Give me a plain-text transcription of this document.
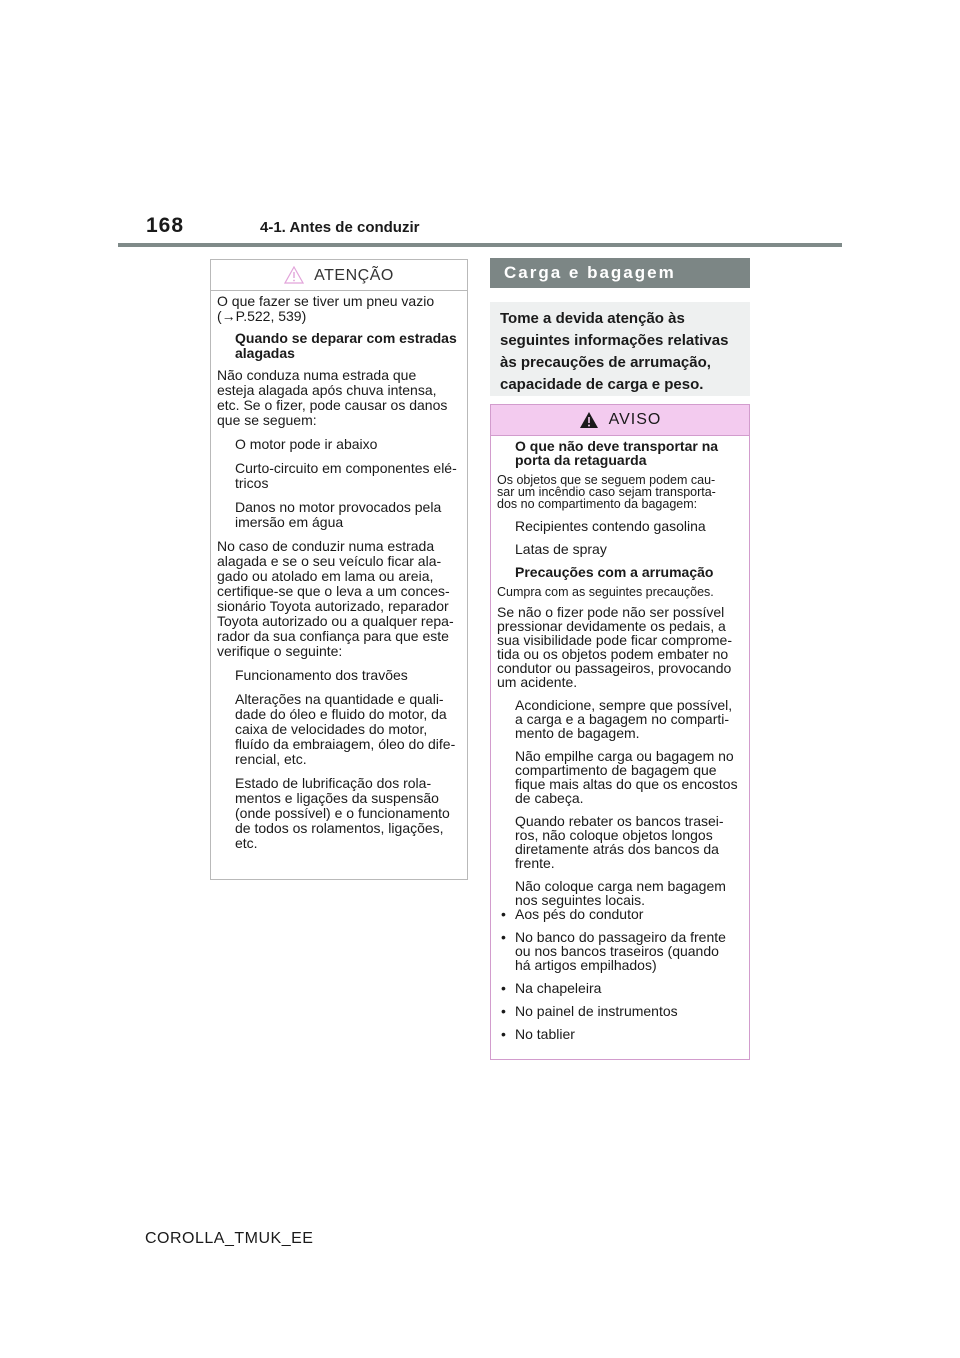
168	4-1. Antes de conduzir
ATENÇÃO

O que fazer se tiver um pneu vazio

(→P.522, 539)

Quando se deparar com estradas

alagadas

Não conduza numa estrada que

esteja alagada após chuva intensa,

etc. Se o fizer, pode causar os danos

que se seguem:

O motor pode ir abaixo

Curto-circuito em componentes elé-

tricos

Danos no motor provocados pela

imersão em água

No caso de conduzir numa estrada

alagada e se o seu veículo ficar ala-

gado ou atolado em lama ou areia,

certifique-se que o leva a um conces-

sionário Toyota autorizado, reparador

Toyota autorizado ou a qualquer repa-

rador da sua confiança para que este

verifique o seguinte:

Funcionamento dos travões

Alterações na quantidade e quali-

dade do óleo e fluido do motor, da

caixa de velocidades do motor,

fluído da embraiagem, óleo do dife-

rencial, etc.

Estado de lubrificação dos rola-

mentos e ligações da suspensão

(onde possível) e o funcionamento

de todos os rolamentos, ligações,

etc.

Carga e bagagem

Tome a devida atenção às

seguintes informações relativas

às precauções de arrumação,

capacidade de carga e peso.

AVISO

O que não deve transportar na

porta da retaguarda

Os objetos que se seguem podem cau-

sar um incêndio caso sejam transporta-

dos no compartimento da bagagem:

Recipientes contendo gasolina

Latas de spray

Precauções com a arrumação

Cumpra com as seguintes precauções.

Se não o fizer pode não ser possível

pressionar devidamente os pedais, a

sua visibilidade pode ficar comprome-

tida ou os objetos podem embater no

condutor ou passageiros, provocando

um acidente.

Acondicione, sempre que possível,

a carga e a bagagem no comparti-

mento de bagagem.

Não empilhe carga ou bagagem no

compartimento de bagagem que

fique mais altas do que os encostos

de cabeça.

Quando rebater os bancos trasei-

ros, não coloque objetos longos

diretamente atrás dos bancos da

frente.

Não coloque carga nem bagagem

nos seguintes locais.

• Aos pés do condutor

• No banco do passageiro da frente

ou nos bancos traseiros (quando

há artigos empilhados)

• Na chapeleira

• No painel de instrumentos

• No tablier

COROLLA_TMUK_EE
